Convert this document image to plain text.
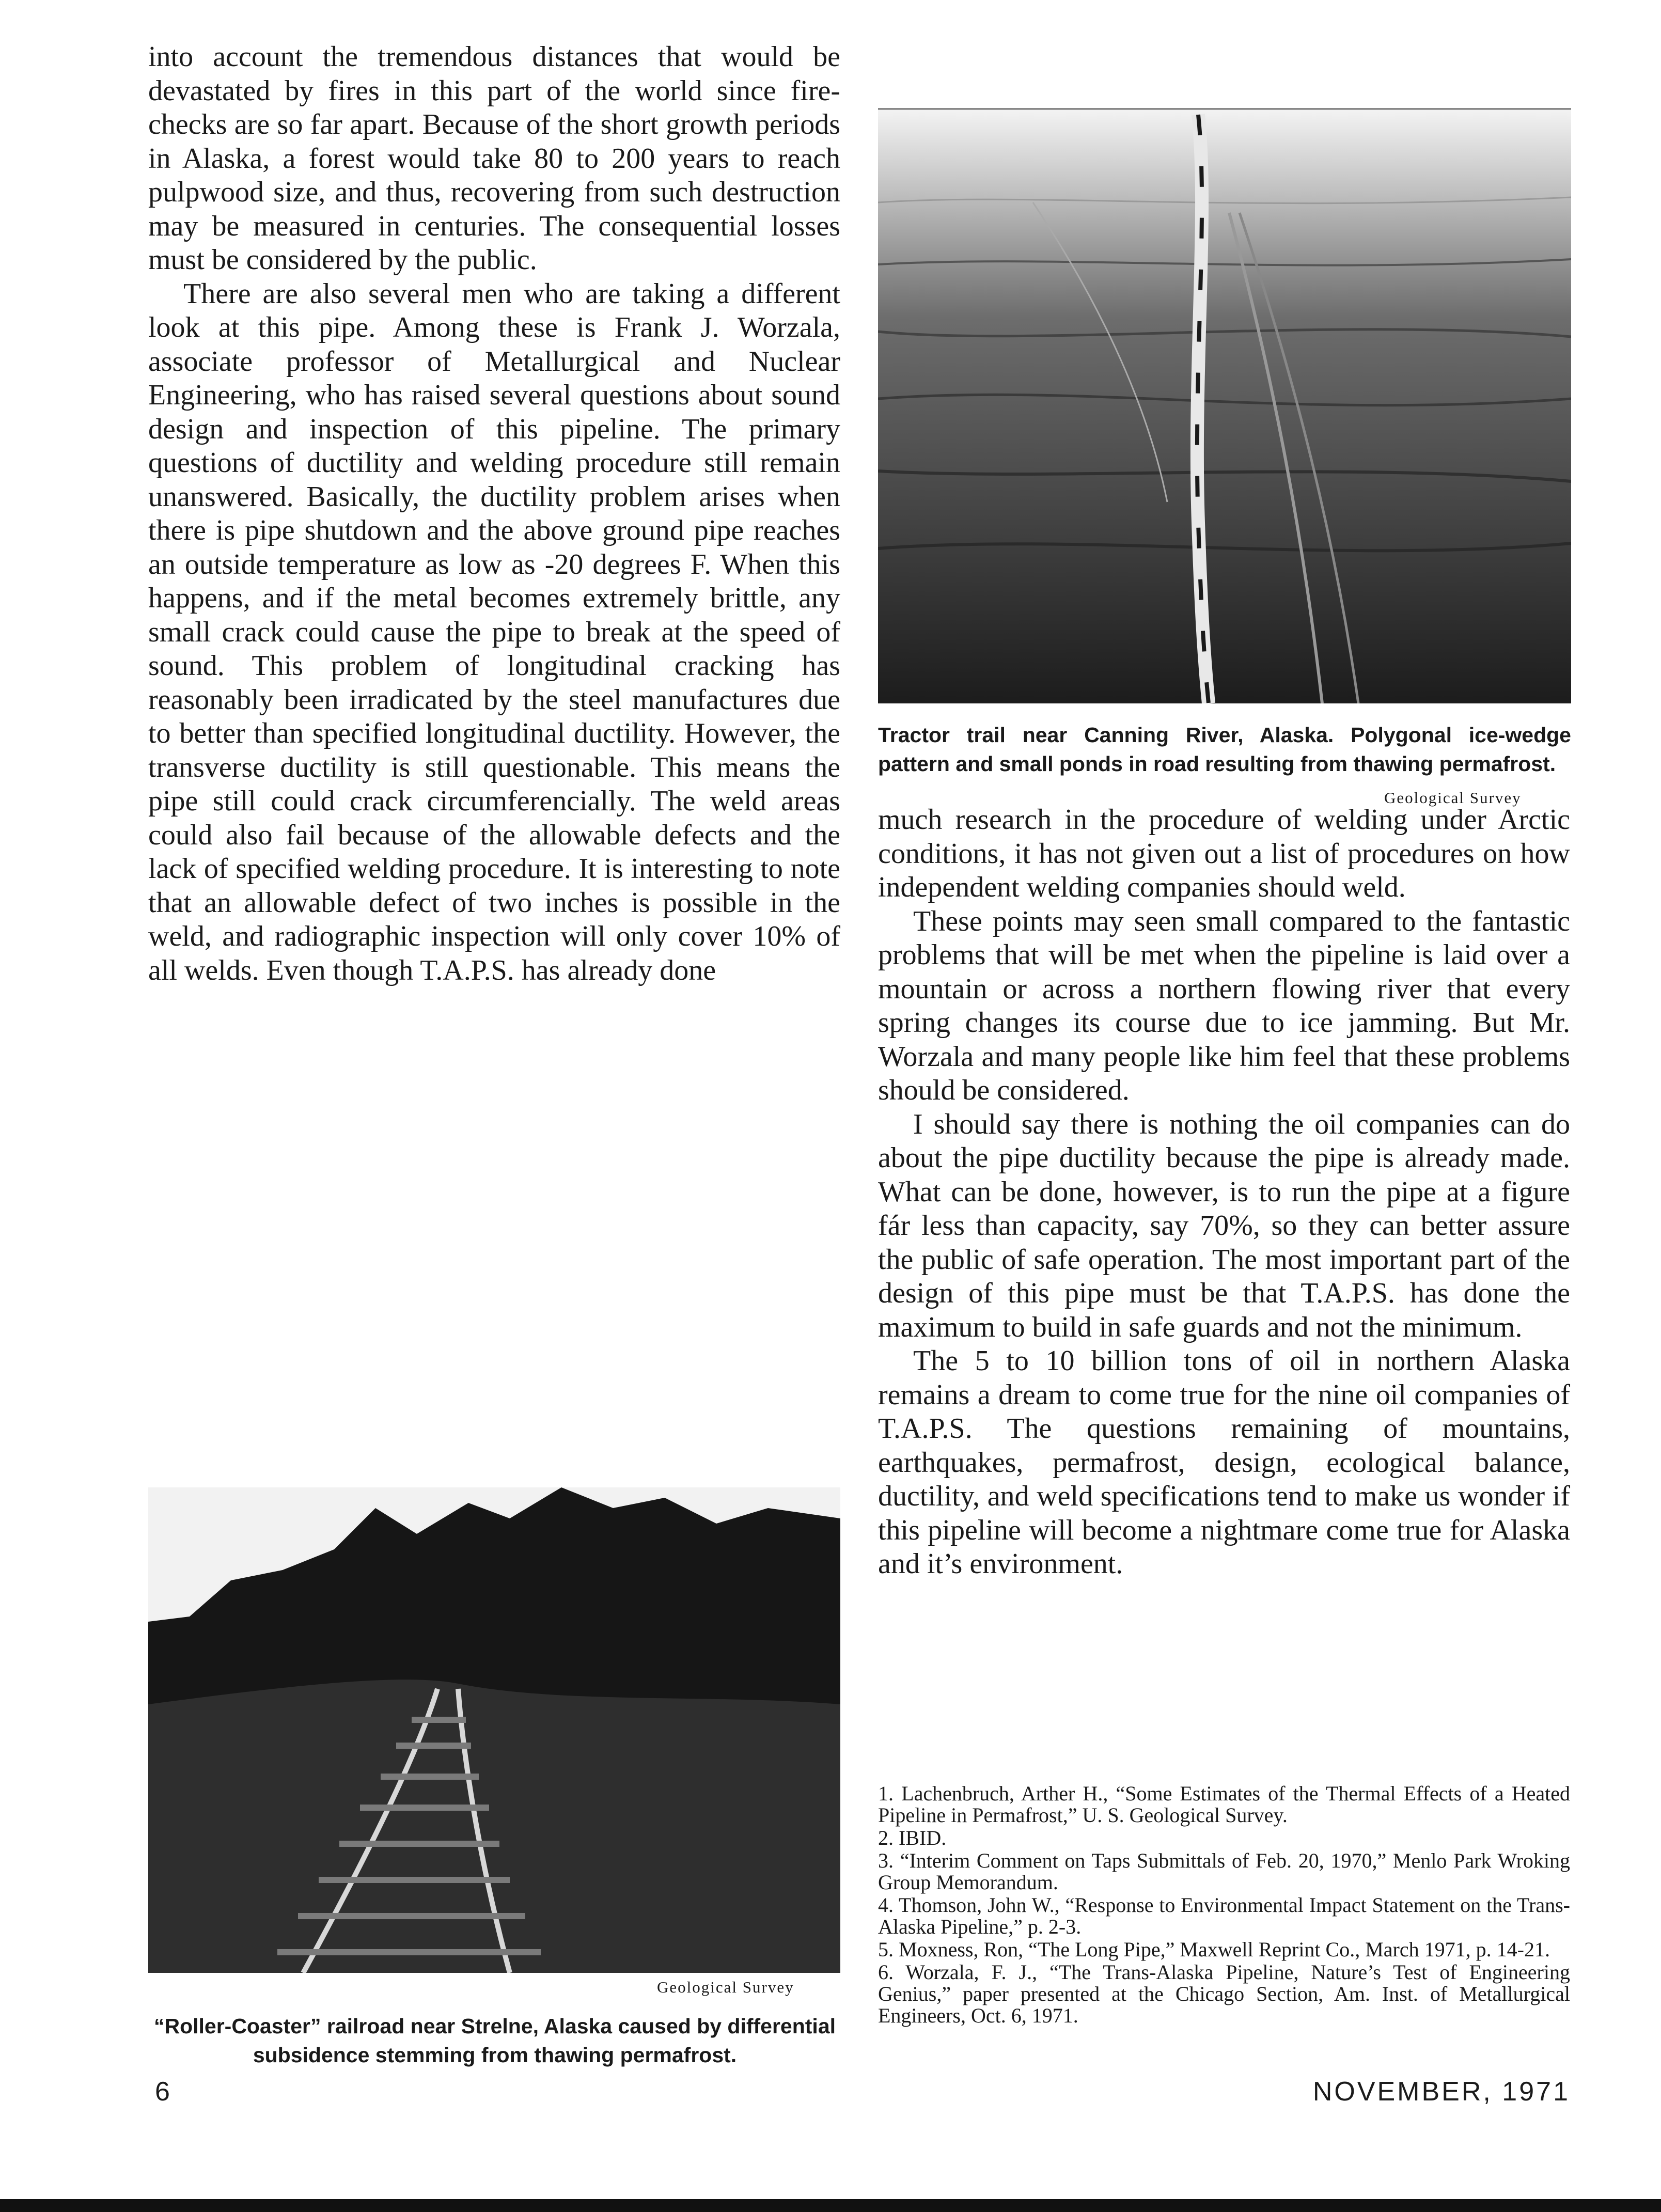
into account the tremendous distances that would be devastated by fires in this part of the world since fire-checks are so far apart. Because of the short growth periods in Alaska, a forest would take 80 to 200 years to reach pulpwood size, and thus, recovering from such destruction may be measured in centuries. The consequential losses must be considered by the public.

There are also several men who are taking a different look at this pipe. Among these is Frank J. Worzala, associate professor of Metallurgical and Nuclear Engineering, who has raised several questions about sound design and inspection of this pipeline. The primary questions of ductility and welding procedure still remain unanswered. Basically, the ductility problem arises when there is pipe shutdown and the above ground pipe reaches an outside temperature as low as -20 degrees F. When this happens, and if the metal becomes extremely brittle, any small crack could cause the pipe to break at the speed of sound. This problem of longitudinal cracking has reasonably been irradicated by the steel manufactures due to better than specified longitudinal ductility. However, the transverse ductility is still questionable. This means the pipe still could crack circumferencially. The weld areas could also fail because of the allowable defects and the lack of specified welding procedure. It is interesting to note that an allowable defect of two inches is possible in the weld, and radiographic inspection will only cover 10% of all welds. Even though T.A.P.S. has already done

Tractor trail near Canning River, Alaska. Polygonal ice-wedge pattern and small ponds in road resulting from thawing permafrost.
Geological Survey

much research in the procedure of welding under Arctic conditions, it has not given out a list of procedures on how independent welding companies should weld.

These points may seen small compared to the fantastic problems that will be met when the pipeline is laid over a mountain or across a northern flowing river that every spring changes its course due to ice jamming. But Mr. Worzala and many people like him feel that these problems should be considered.

I should say there is nothing the oil companies can do about the pipe ductility because the pipe is already made. What can be done, however, is to run the pipe at a figure fár less than capacity, say 70%, so they can better assure the public of safe operation. The most important part of the design of this pipe must be that T.A.P.S. has done the maximum to build in safe guards and not the minimum.

The 5 to 10 billion tons of oil in northern Alaska remains a dream to come true for the nine oil companies of T.A.P.S. The questions remaining of mountains, earthquakes, permafrost, design, ecological balance, ductility, and weld specifications tend to make us wonder if this pipeline will become a nightmare come true for Alaska and it’s environment.

1. Lachenbruch, Arther H., “Some Estimates of the Thermal Effects of a Heated Pipeline in Permafrost,” U. S. Geological Survey.

2. IBID.

3. “Interim Comment on Taps Submittals of Feb. 20, 1970,” Menlo Park Wroking Group Memorandum.

4. Thomson, John W., “Response to Environmental Impact Statement on the Trans-Alaska Pipeline,” p. 2-3.

5. Moxness, Ron, “The Long Pipe,” Maxwell Reprint Co., March 1971, p. 14-21.

6. Worzala, F. J., “The Trans-Alaska Pipeline, Nature’s Test of Engineering Genius,” paper presented at the Chicago Section, Am. Inst. of Metallurgical Engineers, Oct. 6, 1971.

Geological Survey
“Roller-Coaster” railroad near Strelne, Alaska caused by differential subsidence stemming from thawing permafrost.
6	NOVEMBER, 1971
